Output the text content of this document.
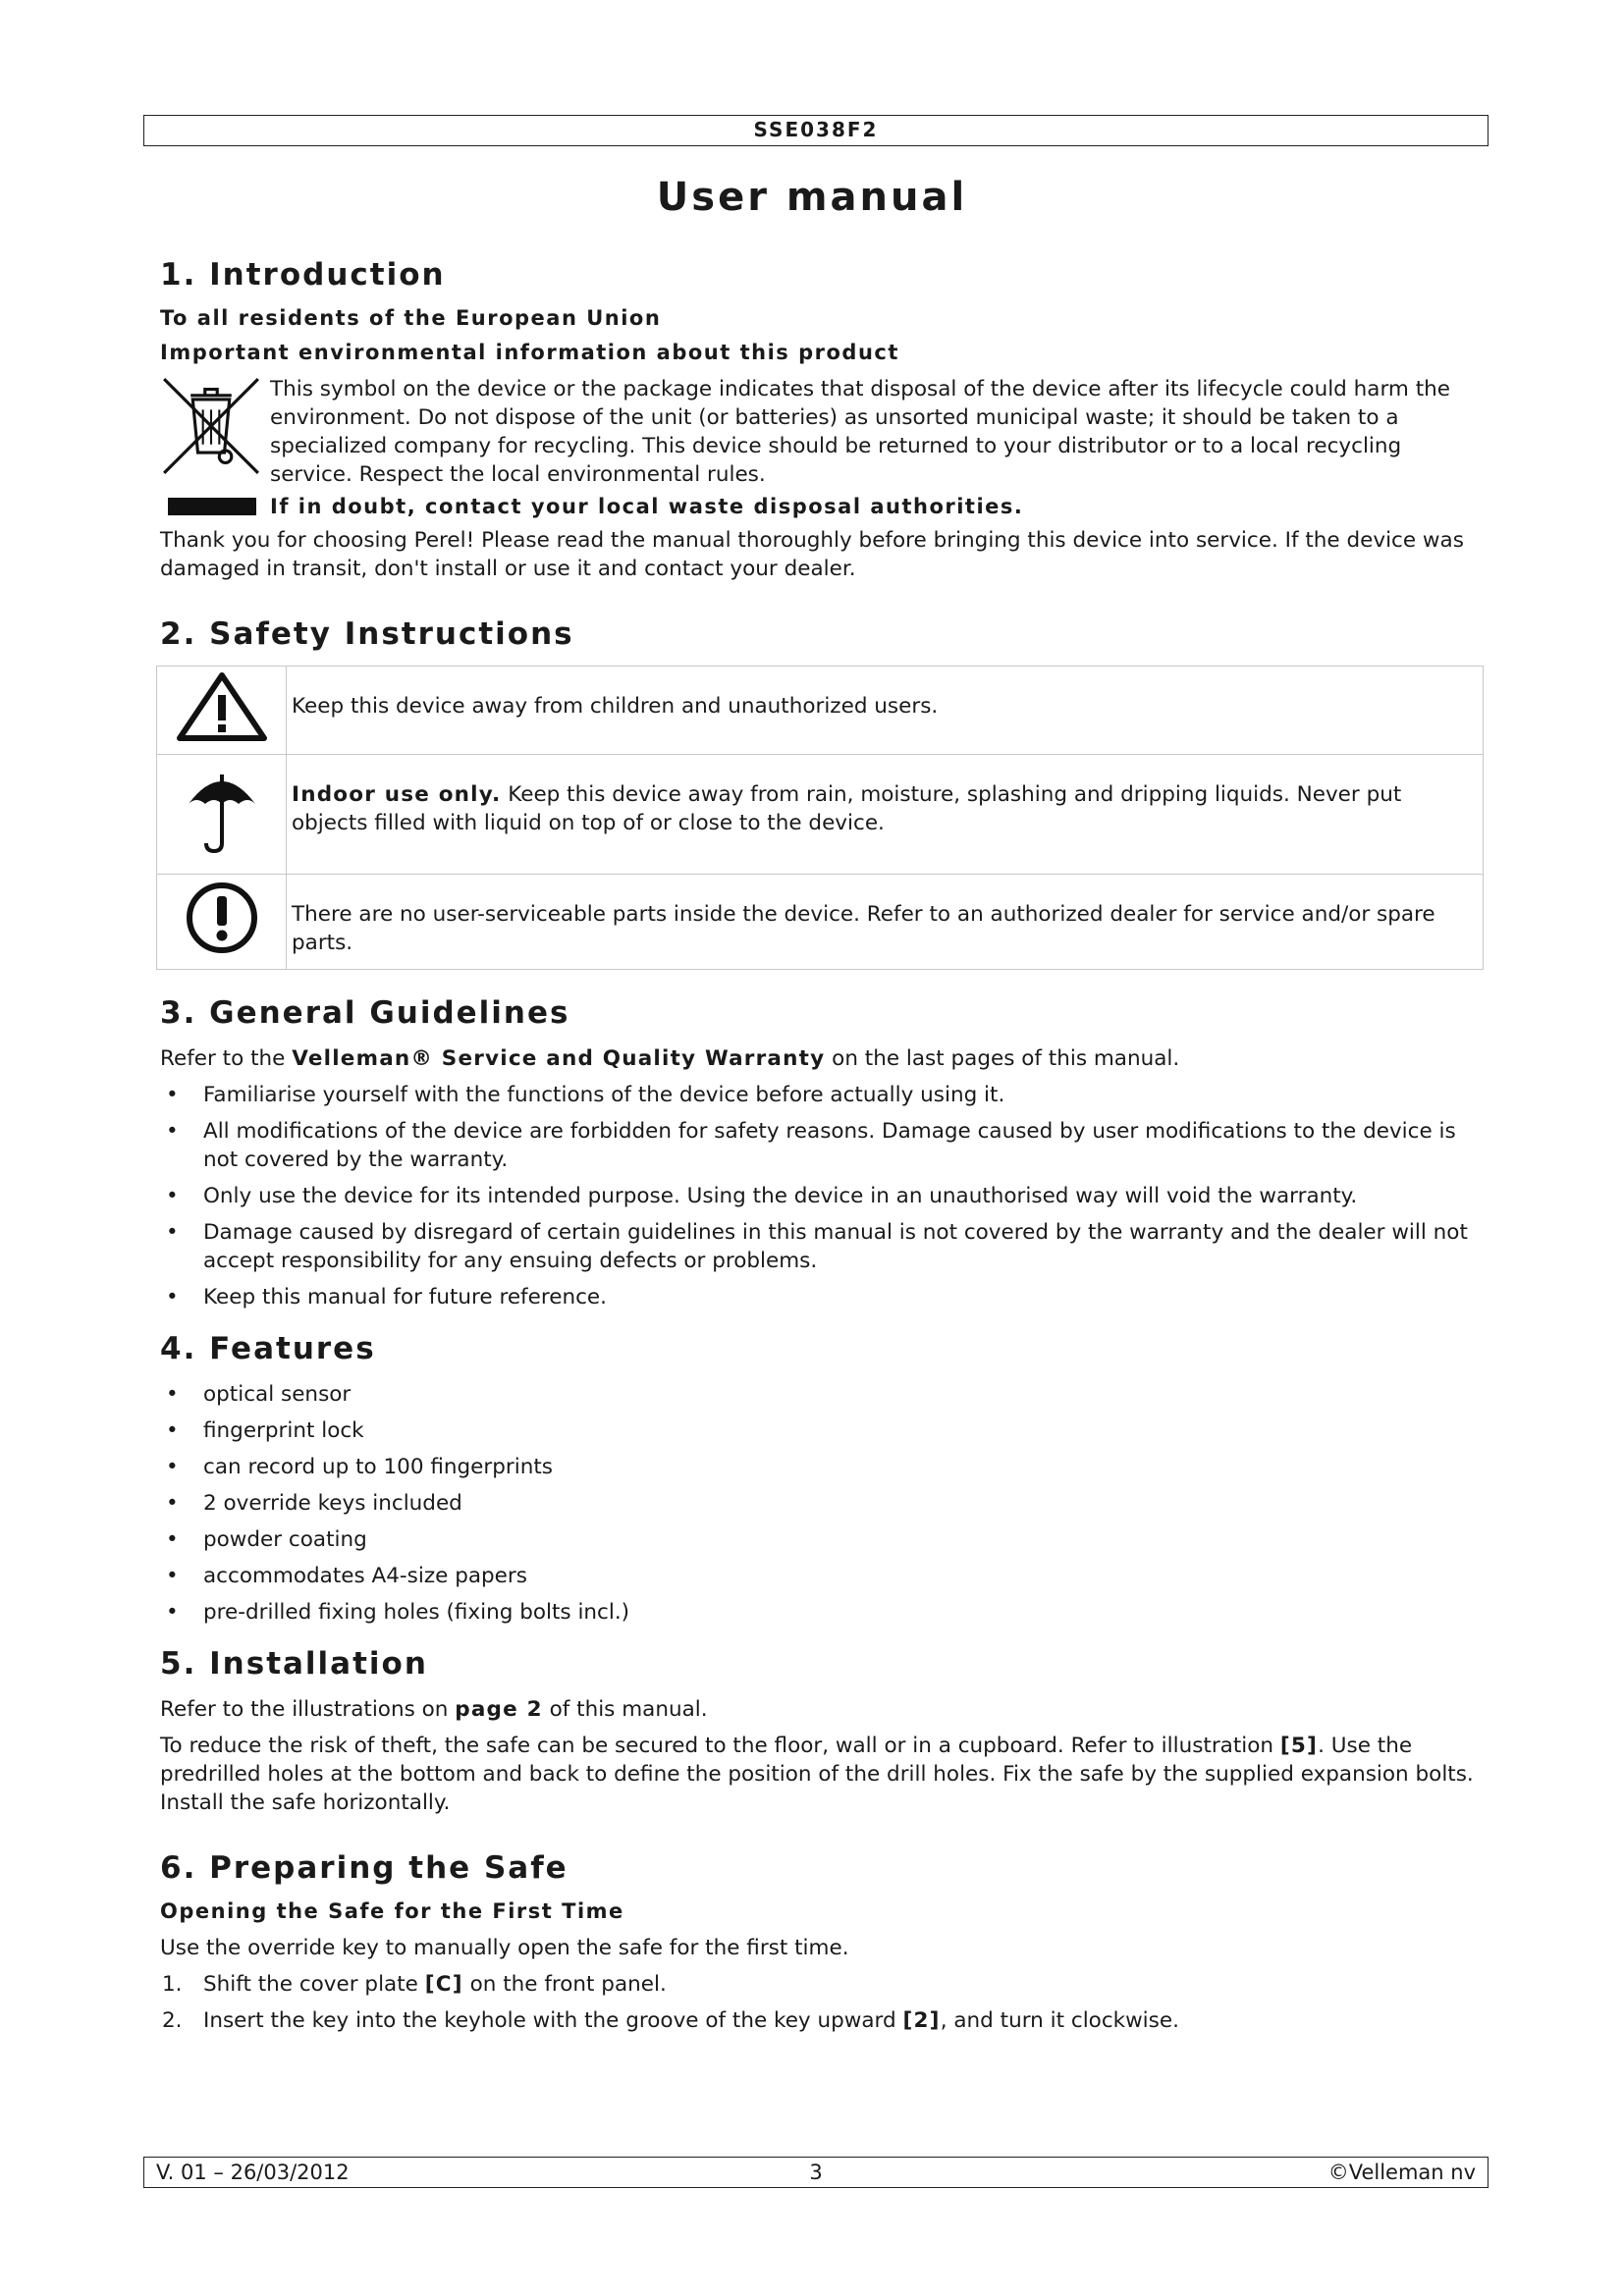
SSE038F2
User manual
1. Introduction
To all residents of the European Union
Important environmental information about this product
This symbol on the device or the package indicates that disposal of the device after its lifecycle could harm the environment. Do not dispose of the unit (or batteries) as unsorted municipal waste; it should be taken to a specialized company for recycling. This device should be returned to your distributor or to a local recycling service. Respect the local environmental rules.
If in doubt, contact your local waste disposal authorities.

Thank you for choosing Perel! Please read the manual thoroughly before bringing this device into service. If the device was damaged in transit, don't install or use it and contact your dealer.

2. Safety Instructions
	Keep this device away from children and unauthorized users.
	Indoor use only. Keep this device away from rain, moisture, splashing and dripping liquids. Never put objects filled with liquid on top of or close to the device.
	There are no user-serviceable parts inside the device. Refer to an authorized dealer for service and/or spare parts.
3. General Guidelines

Refer to the Velleman® Service and Quality Warranty on the last pages of this manual.

• Familiarise yourself with the functions of the device before actually using it.
• All modifications of the device are forbidden for safety reasons. Damage caused by user modifications to the device is not covered by the warranty.
• Only use the device for its intended purpose. Using the device in an unauthorised way will void the warranty.
• Damage caused by disregard of certain guidelines in this manual is not covered by the warranty and the dealer will not accept responsibility for any ensuing defects or problems.
• Keep this manual for future reference.
4. Features
• optical sensor
• fingerprint lock
• can record up to 100 fingerprints
• 2 override keys included
• powder coating
• accommodates A4-size papers
• pre-drilled fixing holes (fixing bolts incl.)
5. Installation

Refer to the illustrations on page 2 of this manual.

To reduce the risk of theft, the safe can be secured to the floor, wall or in a cupboard. Refer to illustration [5]. Use the predrilled holes at the bottom and back to define the position of the drill holes. Fix the safe by the supplied expansion bolts. Install the safe horizontally.

6. Preparing the Safe
Opening the Safe for the First Time

Use the override key to manually open the safe for the first time.

1. Shift the cover plate [C] on the front panel.
2. Insert the key into the keyhole with the groove of the key upward [2], and turn it clockwise.
V. 01 – 26/03/2012	3	©Velleman nv
